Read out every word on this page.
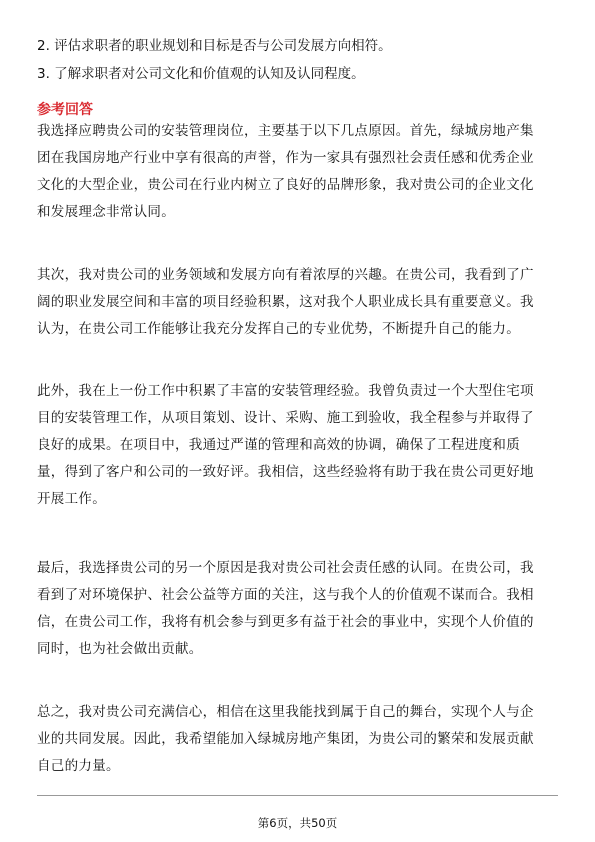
2. 评估求职者的职业规划和目标是否与公司发展方向相符。
3. 了解求职者对公司文化和价值观的认知及认同程度。
参考回答
我选择应聘贵公司的安装管理岗位，主要基于以下几点原因。首先，绿城房地产集
团在我国房地产行业中享有很高的声誉，作为一家具有强烈社会责任感和优秀企业
文化的大型企业，贵公司在行业内树立了良好的品牌形象，我对贵公司的企业文化
和发展理念非常认同。
其次，我对贵公司的业务领域和发展方向有着浓厚的兴趣。在贵公司，我看到了广
阔的职业发展空间和丰富的项目经验积累，这对我个人职业成长具有重要意义。我
认为，在贵公司工作能够让我充分发挥自己的专业优势，不断提升自己的能力。
此外，我在上一份工作中积累了丰富的安装管理经验。我曾负责过一个大型住宅项
目的安装管理工作，从项目策划、设计、采购、施工到验收，我全程参与并取得了
良好的成果。在项目中，我通过严谨的管理和高效的协调，确保了工程进度和质
量，得到了客户和公司的一致好评。我相信，这些经验将有助于我在贵公司更好地
开展工作。
最后，我选择贵公司的另一个原因是我对贵公司社会责任感的认同。在贵公司，我
看到了对环境保护、社会公益等方面的关注，这与我个人的价值观不谋而合。我相
信，在贵公司工作，我将有机会参与到更多有益于社会的事业中，实现个人价值的
同时，也为社会做出贡献。
总之，我对贵公司充满信心，相信在这里我能找到属于自己的舞台，实现个人与企
业的共同发展。因此，我希望能加入绿城房地产集团，为贵公司的繁荣和发展贡献
自己的力量。
第6页，共50页
